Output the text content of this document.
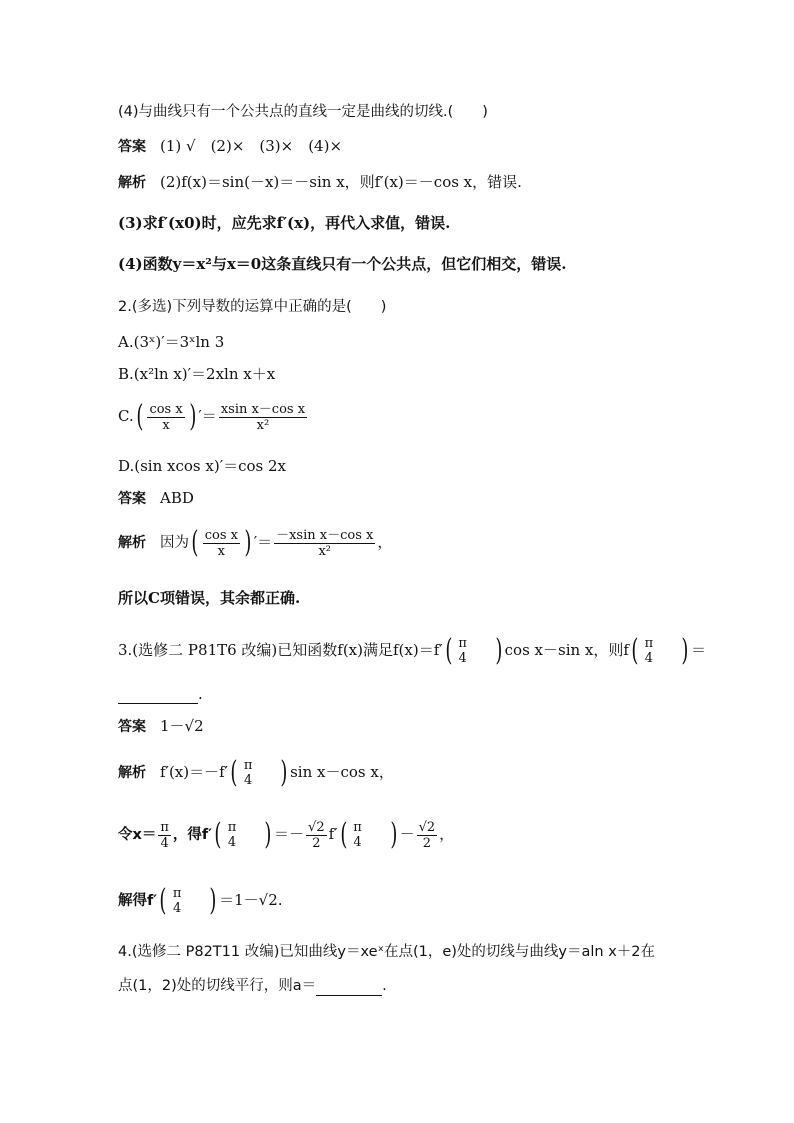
(4)与曲线只有一个公共点的直线一定是曲线的切线.(　　)
答案 (1) √　(2)×　(3)×　(4)×
解析 (2)f(x)＝sin(－x)＝－sin x，则f′(x)＝－cos x，错误.
(3)求f′(x0)时，应先求f′(x)，再代入求值，错误.
(4)函数y＝x²与x＝0这条直线只有一个公共点，但它们相交，错误.
2.(多选)下列导数的运算中正确的是(　　)
A.(3ˣ)′＝3ˣln 3
B.(x²ln x)′＝2xln x＋x
$C.( \frac{\text{cos x}}{x}$ ) ′＝ $\frac{\text{xsin x－cos x}}{\text{x²}}$
D.(sin xcos x)′＝cos 2x
答案 ABD
解析 因为( $\frac{\text{cos x}}{x}$ ) ′＝ $\frac{\text{－xsin x－cos x}}{\text{x²}}$ ，
所以C项错误，其余都正确.
3.(选修二 P81T6 改编)已知函数f(x)满足f(x)＝f′( π
4 ) cos x－sin x，则f( π
4 ) ＝
.
答案 1－√2
解析 f′(x)＝－f′( π
4 ) sin x－cos x，
令$x= \frac{\pi}{4}$ ，得f′( π
4 ) ＝－ $\frac{√2}{2} f'$( π
4 ) － $\frac{√2}{2}$ ，
解得f′( π
4 ) ＝1－√2.
4.(选修二 P82T11 改编)已知曲线y＝xeˣ在点(1，e)处的切线与曲线y＝aln x＋2在
点(1，2)处的切线平行，则a＝	.
